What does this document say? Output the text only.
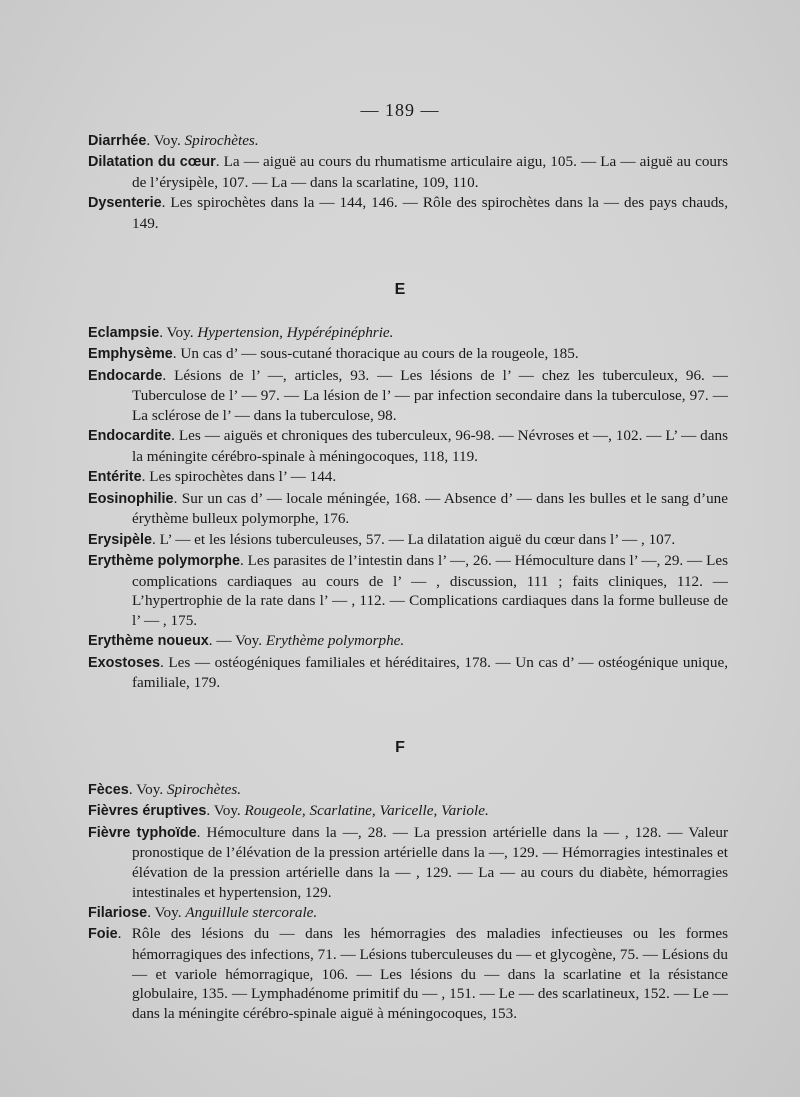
— 189 —

Diarrhée. Voy. Spirochètes.

Dilatation du cœur. La — aiguë au cours du rhumatisme articulaire aigu, 105. — La — aiguë au cours de l’érysipèle, 107. — La — dans la scarlatine, 109, 110.

Dysenterie. Les spirochètes dans la — 144, 146. — Rôle des spirochètes dans la — des pays chauds, 149.

E

Eclampsie. Voy. Hypertension, Hypérépinéphrie.

Emphysème. Un cas d’ — sous-cutané thoracique au cours de la rougeole, 185.

Endocarde. Lésions de l’ —, articles, 93. — Les lésions de l’ — chez les tuberculeux, 96. — Tuberculose de l’ — 97. — La lésion de l’ — par infection secondaire dans la tuberculose, 97. — La sclérose de l’ — dans la tuberculose, 98.

Endocardite. Les — aiguës et chroniques des tuberculeux, 96-98. — Névroses et —, 102. — L’ — dans la méningite cérébro-spinale à méningocoques, 118, 119.

Entérite. Les spirochètes dans l’ — 144.

Eosinophilie. Sur un cas d’ — locale méningée, 168. — Absence d’ — dans les bulles et le sang d’une érythème bulleux polymorphe, 176.

Erysipèle. L’ — et les lésions tuberculeuses, 57. — La dilatation aiguë du cœur dans l’ — , 107.

Erythème polymorphe. Les parasites de l’intestin dans l’ —, 26. — Hémoculture dans l’ —, 29. — Les complications cardiaques au cours de l’ — , discussion, 111 ; faits cliniques, 112. — L’hypertrophie de la rate dans l’ — , 112. — Complications cardiaques dans la forme bulleuse de l’ — , 175.

Erythème noueux. — Voy. Erythème polymorphe.

Exostoses. Les — ostéogéniques familiales et héréditaires, 178. — Un cas d’ — ostéogénique unique, familiale, 179.

F

Fèces. Voy. Spirochètes.

Fièvres éruptives. Voy. Rougeole, Scarlatine, Varicelle, Variole.

Fièvre typhoïde. Hémoculture dans la —, 28. — La pression artérielle dans la — , 128. — Valeur pronostique de l’élévation de la pression artérielle dans la —, 129. — Hémorragies intestinales et élévation de la pression artérielle dans la — , 129. — La — au cours du diabète, hémorragies intestinales et hypertension, 129.

Filariose. Voy. Anguillule stercorale.

Foie. Rôle des lésions du — dans les hémorragies des maladies infectieuses ou les formes hémorragiques des infections, 71. — Lésions tuberculeuses du — et glycogène, 75. — Lésions du — et variole hémorragique, 106. — Les lésions du — dans la scarlatine et la résistance globulaire, 135. — Lymphadénome primitif du — , 151. — Le — des scarlatineux, 152. — Le — dans la méningite cérébro-spinale aiguë à méningocoques, 153.
